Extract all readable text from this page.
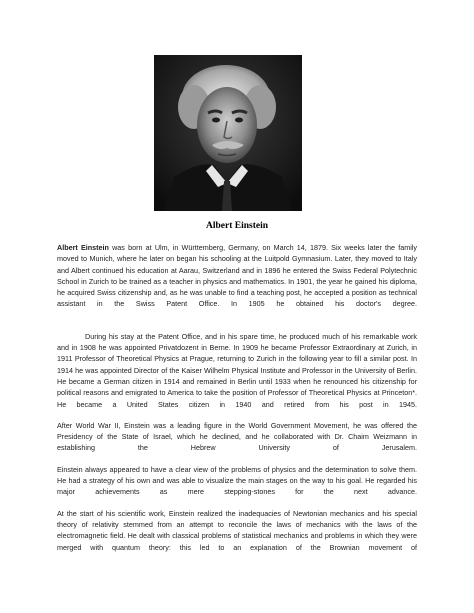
Albert Einstein

Albert Einstein was born at Ulm, in Württemberg, Germany, on March 14, 1879. Six weeks later the family moved to Munich, where he later on began his schooling at the Luitpold Gymnasium. Later, they moved to Italy and Albert continued his education at Aarau, Switzerland and in 1896 he entered the Swiss Federal Polytechnic School in Zurich to be trained as a teacher in physics and mathematics. In 1901, the year he gained his diploma, he acquired Swiss citizenship and, as he was unable to find a teaching post, he accepted a position as technical assistant in the Swiss Patent Office. In 1905 he obtained his doctor's degree.

During his stay at the Patent Office, and in his spare time, he produced much of his remarkable work and in 1908 he was appointed Privatdozent in Berne. In 1909 he became Professor Extraordinary at Zurich, in 1911 Professor of Theoretical Physics at Prague, returning to Zurich in the following year to fill a similar post. In 1914 he was appointed Director of the Kaiser Wilhelm Physical Institute and Professor in the University of Berlin. He became a German citizen in 1914 and remained in Berlin until 1933 when he renounced his citizenship for political reasons and emigrated to America to take the position of Professor of Theoretical Physics at Princeton*. He became a United States citizen in 1940 and retired from his post in 1945.

After World War II, Einstein was a leading figure in the World Government Movement, he was offered the Presidency of the State of Israel, which he declined, and he collaborated with Dr. Chaim Weizmann in establishing the Hebrew University of Jerusalem.

Einstein always appeared to have a clear view of the problems of physics and the determination to solve them. He had a strategy of his own and was able to visualize the main stages on the way to his goal. He regarded his major achievements as mere stepping-stones for the next advance.

At the start of his scientific work, Einstein realized the inadequacies of Newtonian mechanics and his special theory of relativity stemmed from an attempt to reconcile the laws of mechanics with the laws of the electromagnetic field. He dealt with classical problems of statistical mechanics and problems in which they were merged with quantum theory: this led to an explanation of the Brownian movement of
